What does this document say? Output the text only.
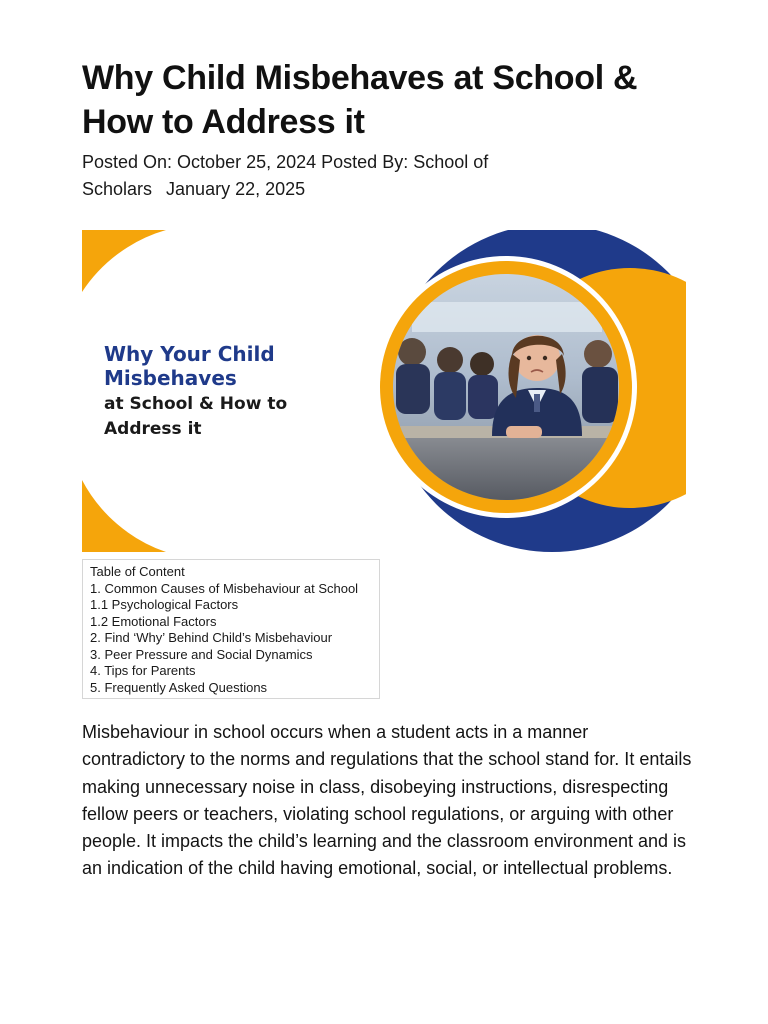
Why Child Misbehaves at School & How to Address it
Posted On: October 25, 2024 Posted By: School of Scholars January 22, 2025
Why Your Child
Misbehaves
at School & How to
Address it
Table of Content
1. Common Causes of Misbehaviour at School
1.1 Psychological Factors
1.2 Emotional Factors
2. Find ‘Why’ Behind Child’s Misbehaviour
3. Peer Pressure and Social Dynamics
4. Tips for Parents
5. Frequently Asked Questions

Misbehaviour in school occurs when a student acts in a manner contradictory to the norms and regulations that the school stand for. It entails making unnecessary noise in class, disobeying instructions, disrespecting fellow peers or teachers, violating school regulations, or arguing with other people. It impacts the child’s learning and the classroom environment and is an indication of the child having emotional, social, or intellectual problems.
